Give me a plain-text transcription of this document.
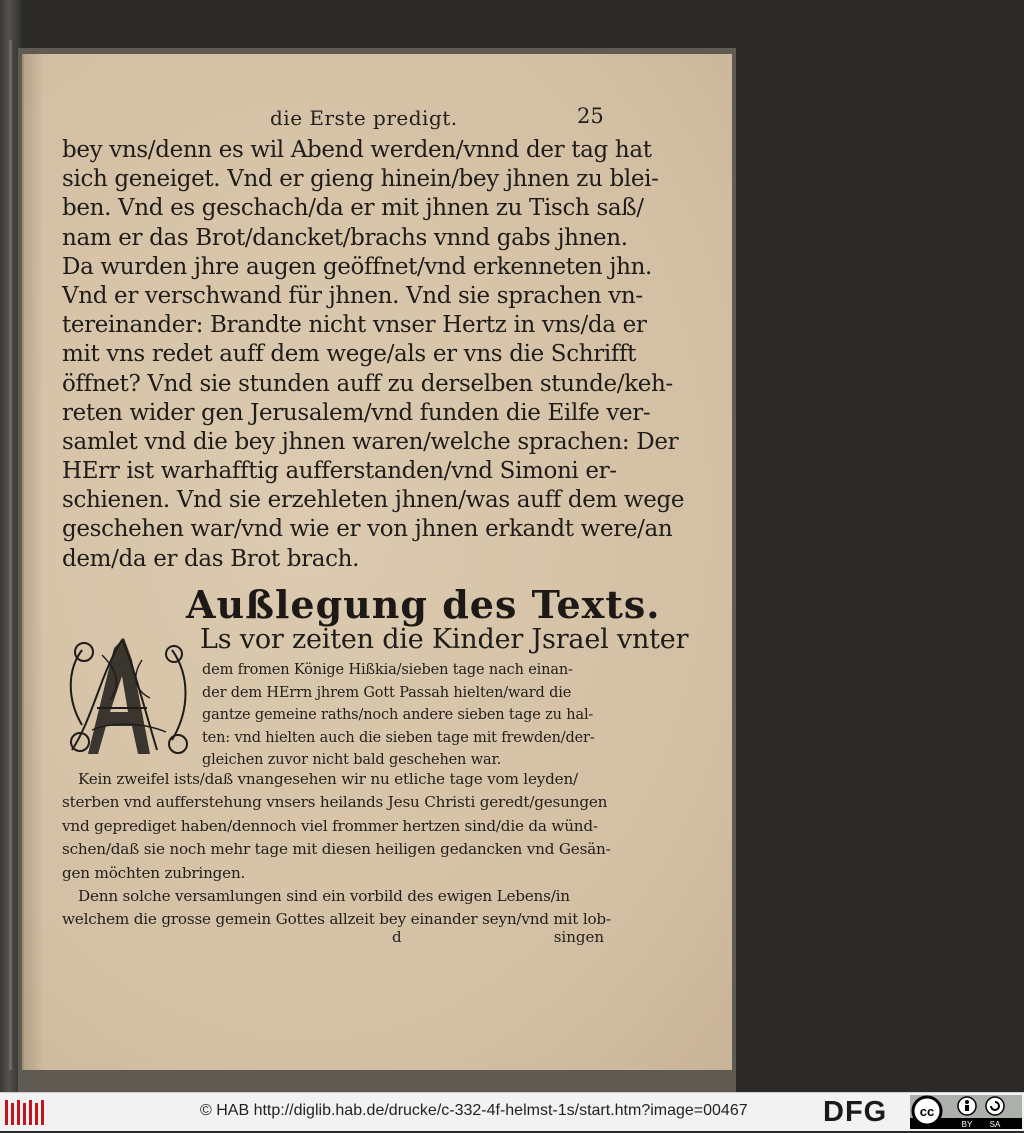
die Erste predigt.	25
bey vns/denn es wil Abend werden/vnnd der tag hat
sich geneiget. Vnd er gieng hinein/bey jhnen zu blei-
ben. Vnd es geschach/da er mit jhnen zu Tisch saß/
nam er das Brot/dancket/brachs vnnd gabs jhnen.
Da wurden jhre augen geöffnet/vnd erkenneten jhn.
Vnd er verschwand für jhnen. Vnd sie sprachen vn-
tereinander: Brandte nicht vnser Hertz in vns/da er
mit vns redet auff dem wege/als er vns die Schrifft
öffnet? Vnd sie stunden auff zu derselben stunde/keh-
reten wider gen Jerusalem/vnd funden die Eilfe ver-
samlet vnd die bey jhnen waren/welche sprachen: Der
HErr ist warhafftig aufferstanden/vnd Simoni er-
schienen. Vnd sie erzehleten jhnen/was auff dem wege
geschehen war/vnd wie er von jhnen erkandt were/an
dem/da er das Brot brach.
Außlegung des Texts.
Ls vor zeiten die Kinder Jsrael vnter
dem fromen Könige Hißkia/sieben tage nach einan-
der dem HErrn jhrem Gott Passah hielten/ward die
gantze gemeine raths/noch andere sieben tage zu hal-
ten: vnd hielten auch die sieben tage mit frewden/der-
gleichen zuvor nicht bald geschehen war.
Kein zweifel ists/daß vnangesehen wir nu etliche tage vom leyden/
sterben vnd aufferstehung vnsers heilands Jesu Christi geredt/gesungen
vnd geprediget haben/dennoch viel frommer hertzen sind/die da wünd-
schen/daß sie noch mehr tage mit diesen heiligen gedancken vnd Gesän-
gen möchten zubringen.
Denn solche versamlungen sind ein vorbild des ewigen Lebens/in
welchem die grosse gemein Gottes allzeit bey einander seyn/vnd mit lob-
d	singen
© HAB http://diglib.hab.de/drucke/c-332-4f-helmst-1s/start.htm?image=00467	DFG	cc
BY SA
